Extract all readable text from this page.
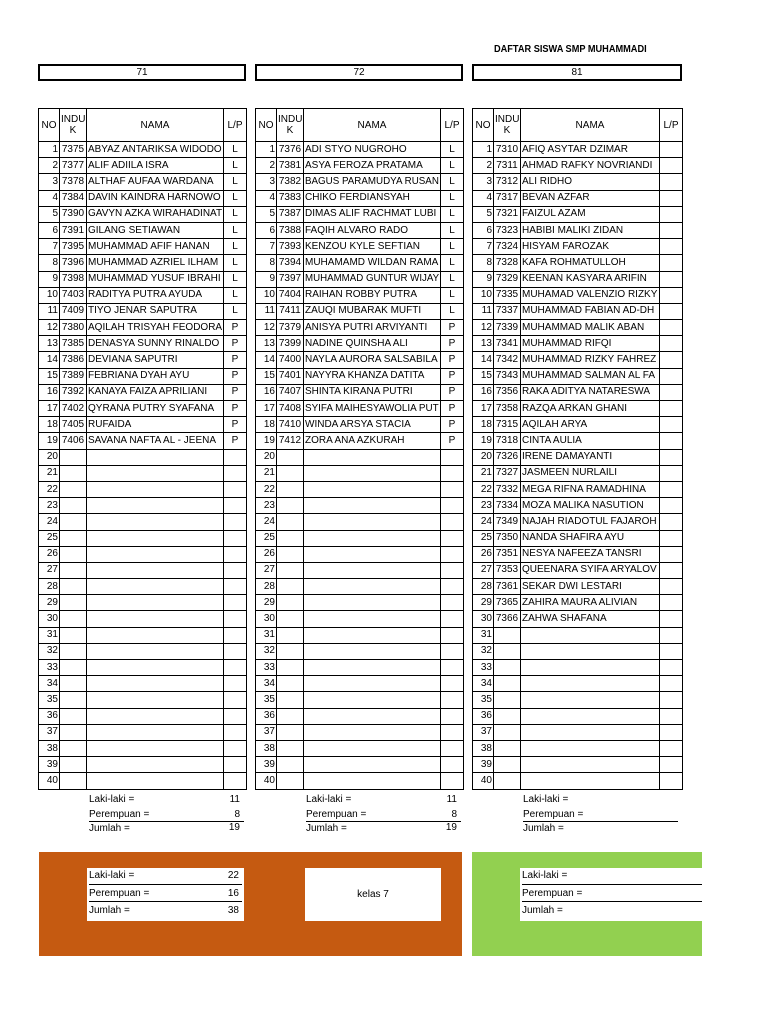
DAFTAR SISWA SMP MUHAMMADI
71	72	81
NO	INDU K	NAMA	L/P
1	7375	ABYAZ ANTARIKSA WIDODO	L
2	7377	ALIF ADIILA ISRA	L
3	7378	ALTHAF AUFAA WARDANA	L
4	7384	DAVIN KAINDRA HARNOWO	L
5	7390	GAVYN AZKA WIRAHADINAT	L
6	7391	GILANG SETIAWAN	L
7	7395	MUHAMMAD AFIF HANAN	L
8	7396	MUHAMMAD AZRIEL ILHAM	L
9	7398	MUHAMMAD YUSUF IBRAHI	L
10	7403	RADITYA PUTRA AYUDA	L
11	7409	TIYO JENAR SAPUTRA	L
12	7380	AQILAH TRISYAH FEODORA	P
13	7385	DENASYA SUNNY RINALDO	P
14	7386	DEVIANA SAPUTRI	P
15	7389	FEBRIANA DYAH AYU	P
16	7392	KANAYA FAIZA APRILIANI	P
17	7402	QYRANA PUTRY SYAFANA	P
18	7405	RUFAIDA	P
19	7406	SAVANA NAFTA AL - JEENA	P
20			
21			
22			
23			
24			
25			
26			
27			
28			
29			
30			
31			
32			
33			
34			
35			
36			
37			
38			
39			
40			
NO	INDU K	NAMA	L/P
1	7376	ADI STYO NUGROHO	L
2	7381	ASYA FEROZA PRATAMA	L
3	7382	BAGUS PARAMUDYA RUSAN	L
4	7383	CHIKO FERDIANSYAH	L
5	7387	DIMAS ALIF RACHMAT LUBI	L
6	7388	FAQIH ALVARO RADO	L
7	7393	KENZOU KYLE SEFTIAN	L
8	7394	MUHAMAMD WILDAN RAMA	L
9	7397	MUHAMMAD GUNTUR WIJAY	L
10	7404	RAIHAN ROBBY PUTRA	L
11	7411	ZAUQI MUBARAK MUFTI	L
12	7379	ANISYA PUTRI ARVIYANTI	P
13	7399	NADINE QUINSHA ALI	P
14	7400	NAYLA AURORA SALSABILA	P
15	7401	NAYYRA KHANZA DATITA	P
16	7407	SHINTA KIRANA PUTRI	P
17	7408	SYIFA MAIHESYAWOLIA PUT	P
18	7410	WINDA ARSYA STACIA	P
19	7412	ZORA ANA AZKURAH	P
20			
21			
22			
23			
24			
25			
26			
27			
28			
29			
30			
31			
32			
33			
34			
35			
36			
37			
38			
39			
40			
NO	INDU K	NAMA	L/P
1	7310	AFIQ ASYTAR DZIMAR	
2	7311	AHMAD RAFKY NOVRIANDI	
3	7312	ALI RIDHO	
4	7317	BEVAN AZFAR	
5	7321	FAIZUL AZAM	
6	7323	HABIBI MALIKI ZIDAN	
7	7324	HISYAM FAROZAK	
8	7328	KAFA ROHMATULLOH	
9	7329	KEENAN KASYARA ARIFIN	
10	7335	MUHAMAD VALENZIO RIZKY	
11	7337	MUHAMMAD FABIAN AD-DH	
12	7339	MUHAMMAD MALIK ABAN	
13	7341	MUHAMMAD RIFQI	
14	7342	MUHAMMAD RIZKY FAHREZ	
15	7343	MUHAMMAD SALMAN AL FA	
16	7356	RAKA ADITYA NATARESWA	
17	7358	RAZQA ARKAN GHANI	
18	7315	AQILAH ARYA	
19	7318	CINTA AULIA	
20	7326	IRENE DAMAYANTI	
21	7327	JASMEEN NURLAILI	
22	7332	MEGA RIFNA RAMADHINA	
23	7334	MOZA MALIKA NASUTION	
24	7349	NAJAH RIADOTUL FAJAROH	
25	7350	NANDA SHAFIRA AYU	
26	7351	NESYA NAFEEZA TANSRI	
27	7353	QUEENARA SYIFA ARYALOV	
28	7361	SEKAR DWI LESTARI	
29	7365	ZAHIRA MAURA ALIVIAN	
30	7366	ZAHWA SHAFANA	
31			
32			
33			
34			
35			
36			
37			
38			
39			
40			
Laki-laki =	11
Perempuan =	8
Jumlah =	19
Laki-laki =	11
Perempuan =	8
Jumlah =	19
Laki-laki =
Perempuan =
Jumlah =
Laki-laki =	22
Perempuan =	16
Jumlah =	38
kelas 7
Laki-laki =
Perempuan =
Jumlah =
